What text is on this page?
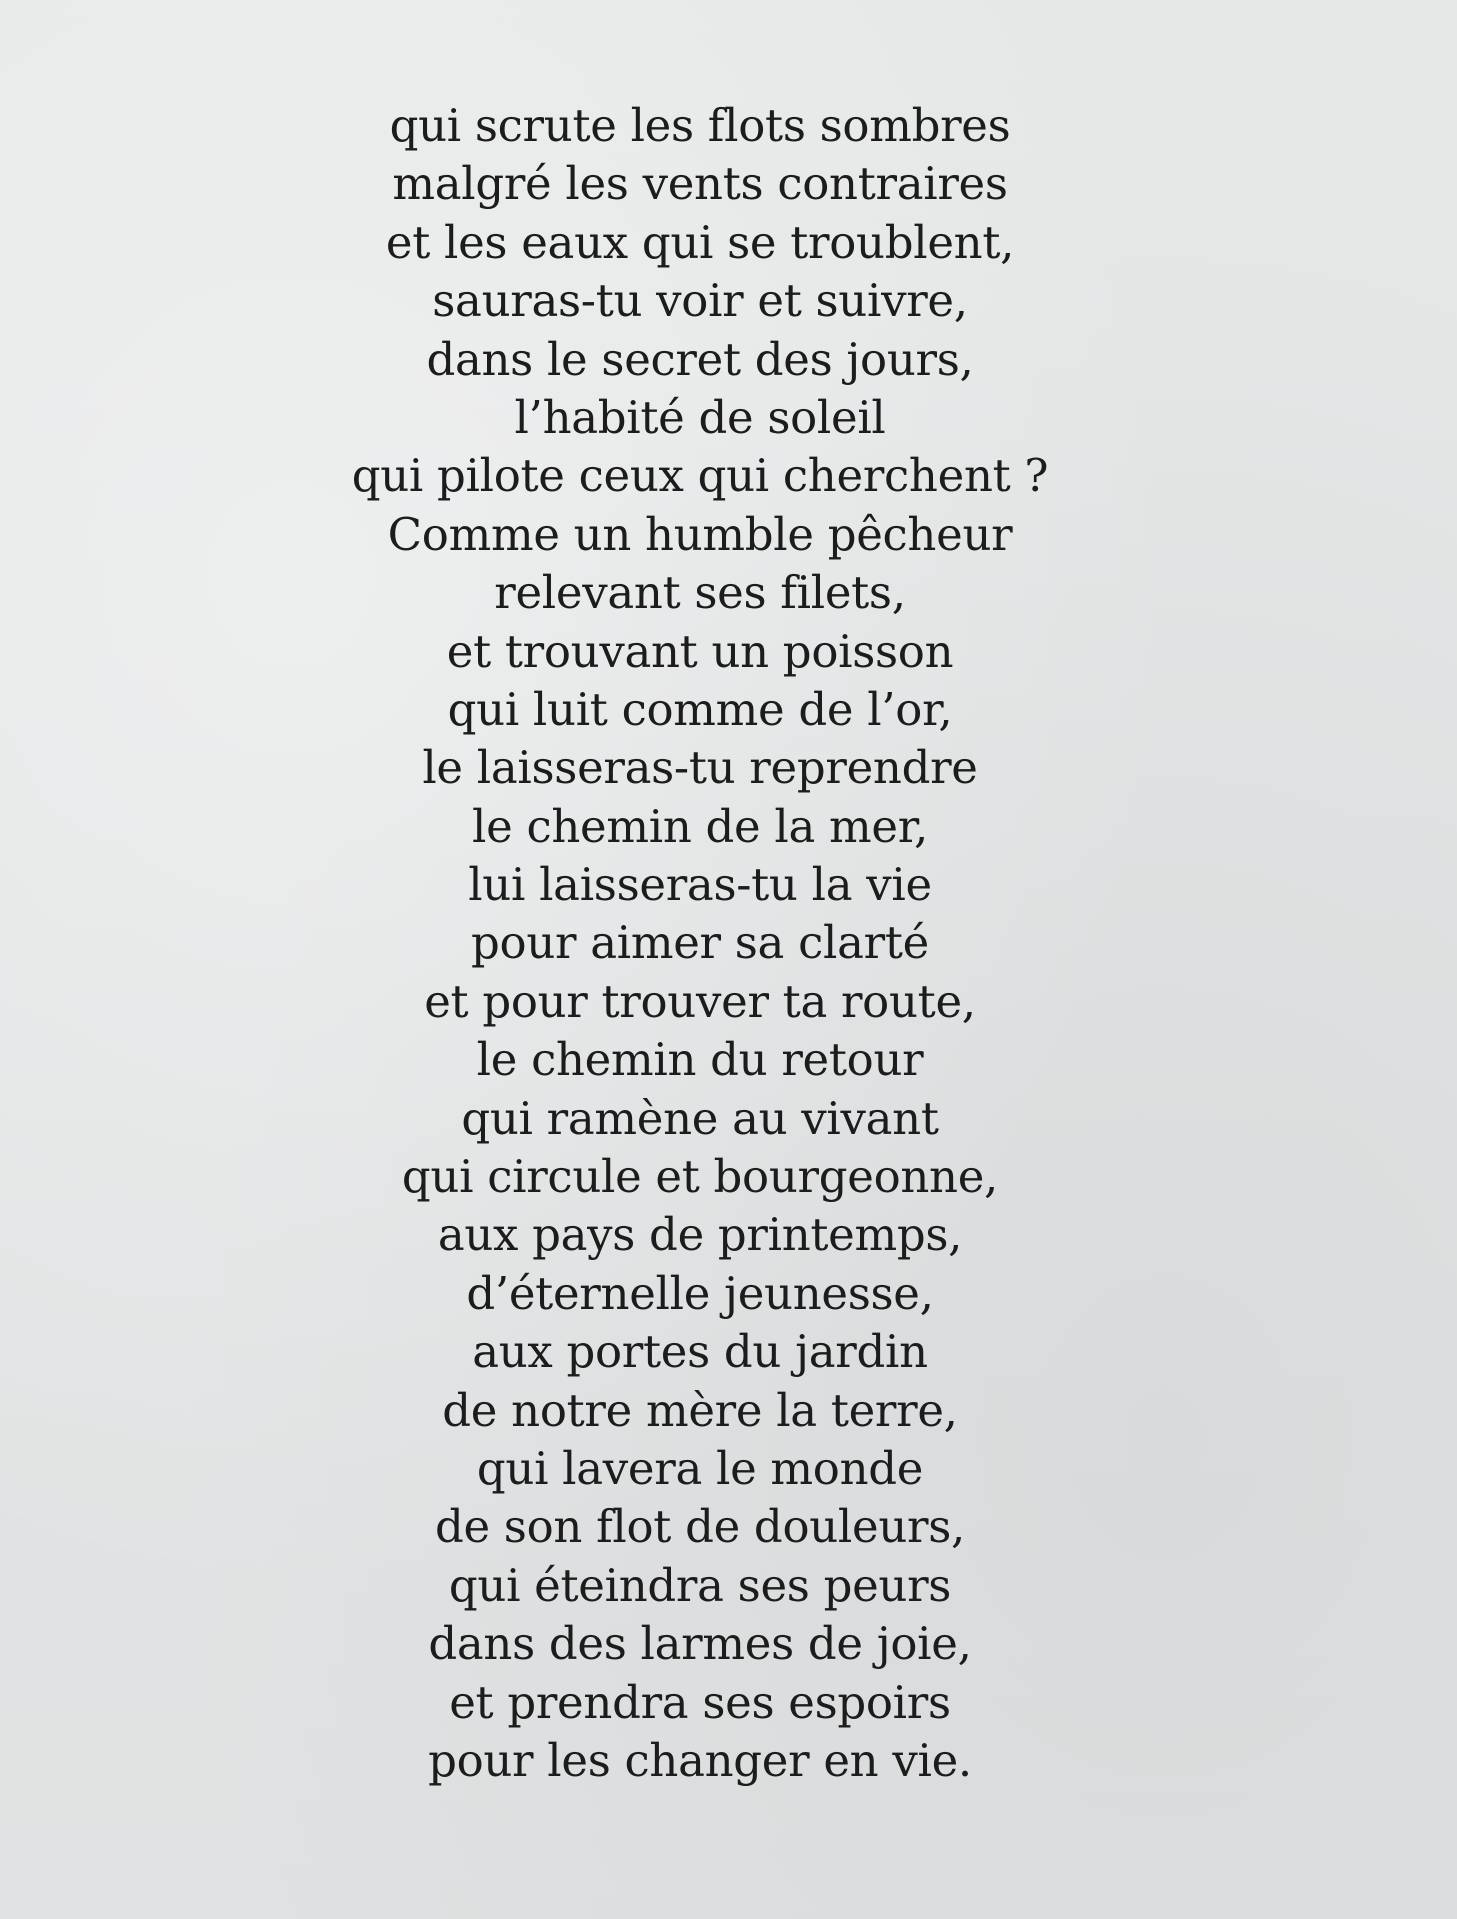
qui scrute les flots sombres
malgré les vents contraires
et les eaux qui se troublent,
sauras-tu voir et suivre,
dans le secret des jours,
l’habité de soleil
qui pilote ceux qui cherchent ?
Comme un humble pêcheur
relevant ses filets,
et trouvant un poisson
qui luit comme de l’or,
le laisseras-tu reprendre
le chemin de la mer,
lui laisseras-tu la vie
pour aimer sa clarté
et pour trouver ta route,
le chemin du retour
qui ramène au vivant
qui circule et bourgeonne,
aux pays de printemps,
d’éternelle jeunesse,
aux portes du jardin
de notre mère la terre,
qui lavera le monde
de son flot de douleurs,
qui éteindra ses peurs
dans des larmes de joie,
et prendra ses espoirs
pour les changer en vie.
